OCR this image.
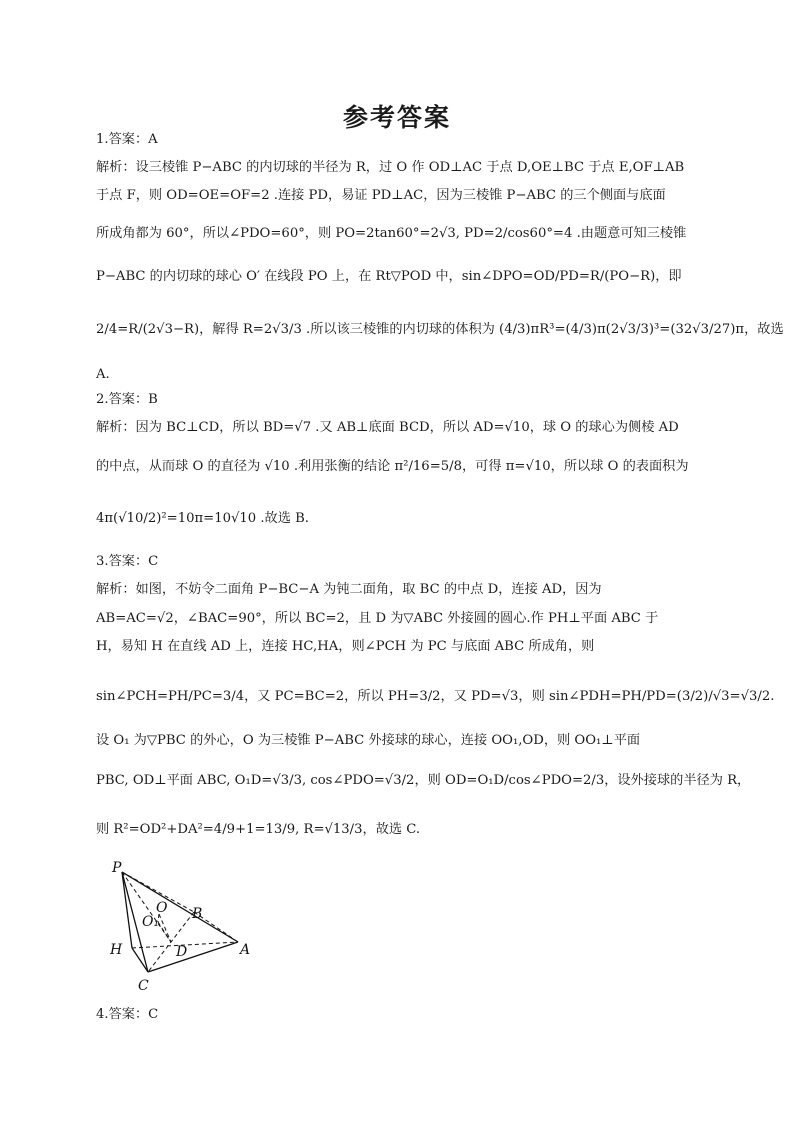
参考答案
1.答案：A
解析：设三棱锥 P−ABC 的内切球的半径为 R，过 O 作 OD⊥AC 于点 D,OE⊥BC 于点 E,OF⊥AB
于点 F，则 OD=OE=OF=2 .连接 PD，易证 PD⊥AC，因为三棱锥 P−ABC 的三个侧面与底面
所成角都为 60°，所以∠PDO=60°，则 PO=2tan60°=2√3, PD=2/cos60°=4 .由题意可知三棱锥
P−ABC 的内切球的球心 O′ 在线段 PO 上，在 Rt▽POD 中，sin∠DPO=OD/PD=R/(PO−R)，即
2/4=R/(2√3−R)，解得 R=2√3/3 .所以该三棱锥的内切球的体积为 (4/3)πR³=(4/3)π(2√3/3)³=(32√3/27)π，故选
A.
2.答案：B
解析：因为 BC⊥CD，所以 BD=√7 .又 AB⊥底面 BCD，所以 AD=√10，球 O 的球心为侧棱 AD
的中点，从而球 O 的直径为 √10 .利用张衡的结论 π²/16=5/8，可得 π=√10，所以球 O 的表面积为
4π(√10/2)²=10π=10√10 .故选 B.
3.答案：C
解析：如图，不妨令二面角 P−BC−A 为钝二面角，取 BC 的中点 D，连接 AD，因为
AB=AC=√2，∠BAC=90°，所以 BC=2，且 D 为▽ABC 外接圆的圆心.作 PH⊥平面 ABC 于
H，易知 H 在直线 AD 上，连接 HC,HA，则∠PCH 为 PC 与底面 ABC 所成角，则
sin∠PCH=PH/PC=3/4，又 PC=BC=2，所以 PH=3/2，又 PD=√3，则 sin∠PDH=PH/PD=(3/2)/√3=√3/2.
设 O₁ 为▽PBC 的外心，O 为三棱锥 P−ABC 外接球的球心，连接 OO₁,OD，则 OO₁⊥平面
PBC, OD⊥平面 ABC, O₁D=√3/3, cos∠PDO=√3/2，则 OD=O₁D/cos∠PDO=2/3，设外接球的半径为 R，
则 R²=OD²+DA²=4/9+1=13/9, R=√13/3，故选 C.
P
O
O₁ B
H	D	A
C
4.答案：C
